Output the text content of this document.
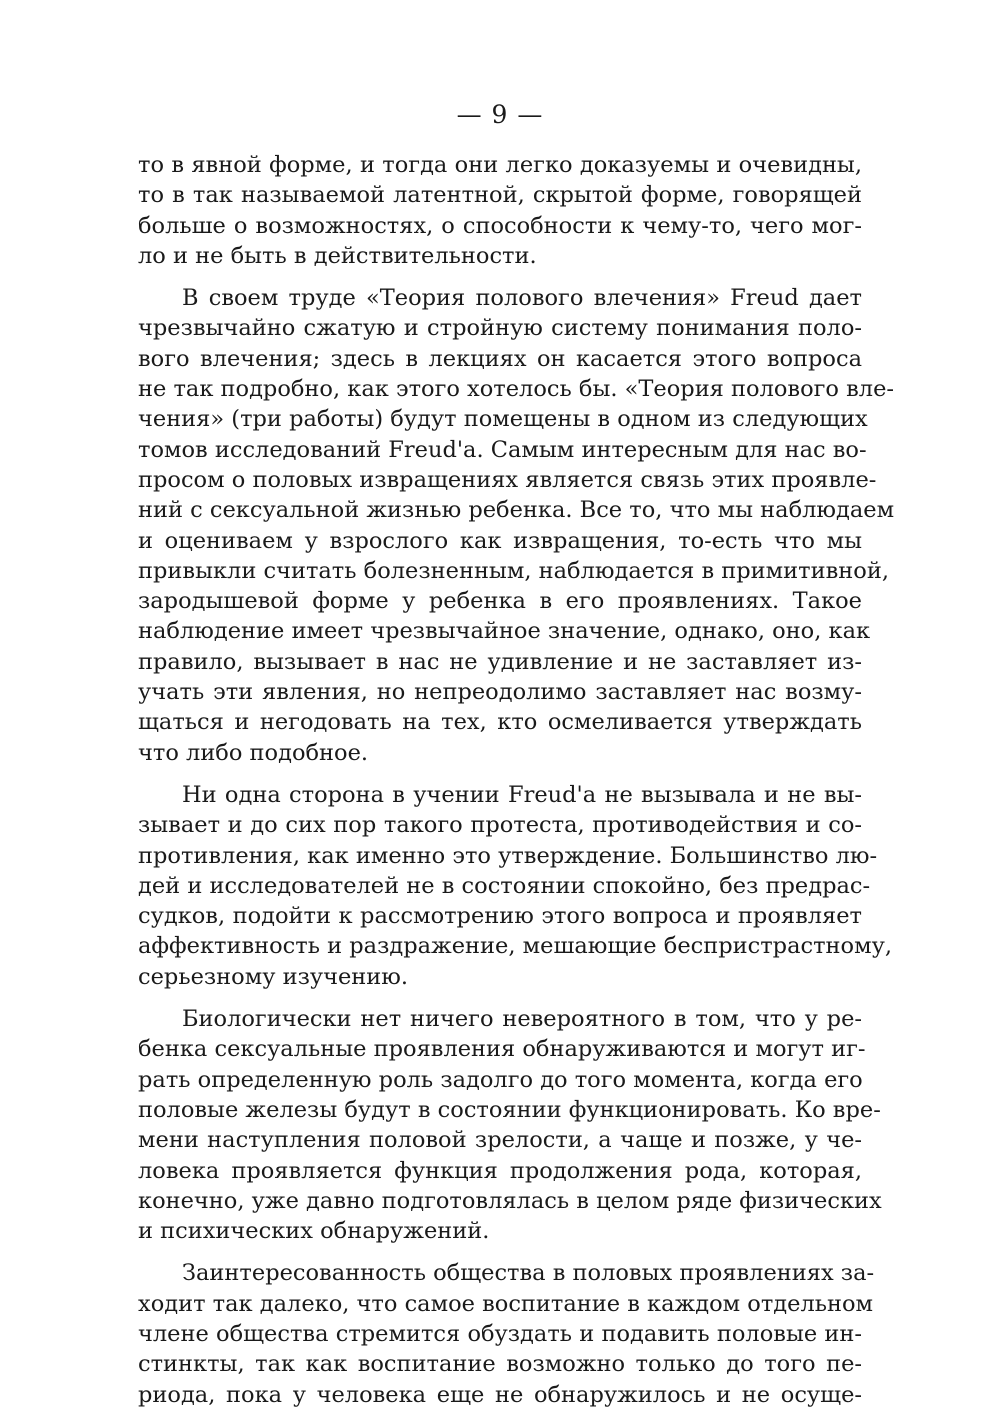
— 9 —
то в явной форме, и тогда они легко доказуемы и очевидны,
то в так называемой латентной, скрытой форме, говорящей
больше о возможностях, о способности к чему-то, чего мог-
ло и не быть в действительности.
В своем труде «Теория полового влечения» Freud дает
чрезвычайно сжатую и стройную систему понимания поло-
вого влечения; здесь в лекциях он касается этого вопроса
не так подробно, как этого хотелось бы. «Теория полового вле-
чения» (три работы) будут помещены в одном из следующих
томов исследований Freud'a. Самым интересным для нас во-
просом о половых извращениях является связь этих проявле-
ний с сексуальной жизнью ребенка. Все то, что мы наблюдаем
и оцениваем у взрослого как извращения, то-есть что мы
привыкли считать болезненным, наблюдается в примитивной,
зародышевой форме у ребенка в его проявлениях. Такое
наблюдение имеет чрезвычайное значение, однако, оно, как
правило, вызывает в нас не удивление и не заставляет из-
учать эти явления, но непреодолимо заставляет нас возму-
щаться и негодовать на тех, кто осмеливается утверждать
что либо подобное.
Ни одна сторона в учении Freud'a не вызывала и не вы-
зывает и до сих пор такого протеста, противодействия и со-
противления, как именно это утверждение. Большинство лю-
дей и исследователей не в состоянии спокойно, без предрас-
судков, подойти к рассмотрению этого вопроса и проявляет
аффективность и раздражение, мешающие беспристрастному,
серьезному изучению.
Биологически нет ничего невероятного в том, что у ре-
бенка сексуальные проявления обнаруживаются и могут иг-
рать определенную роль задолго до того момента, когда его
половые железы будут в состоянии функционировать. Ко вре-
мени наступления половой зрелости, а чаще и позже, у че-
ловека проявляется функция продолжения рода, которая,
конечно, уже давно подготовлялась в целом ряде физических
и психических обнаружений.
Заинтересованность общества в половых проявлениях за-
ходит так далеко, что самое воспитание в каждом отдельном
члене общества стремится обуздать и подавить половые ин-
стинкты, так как воспитание возможно только до того пе-
риода, пока у человека еще не обнаружилось и не осуще-
